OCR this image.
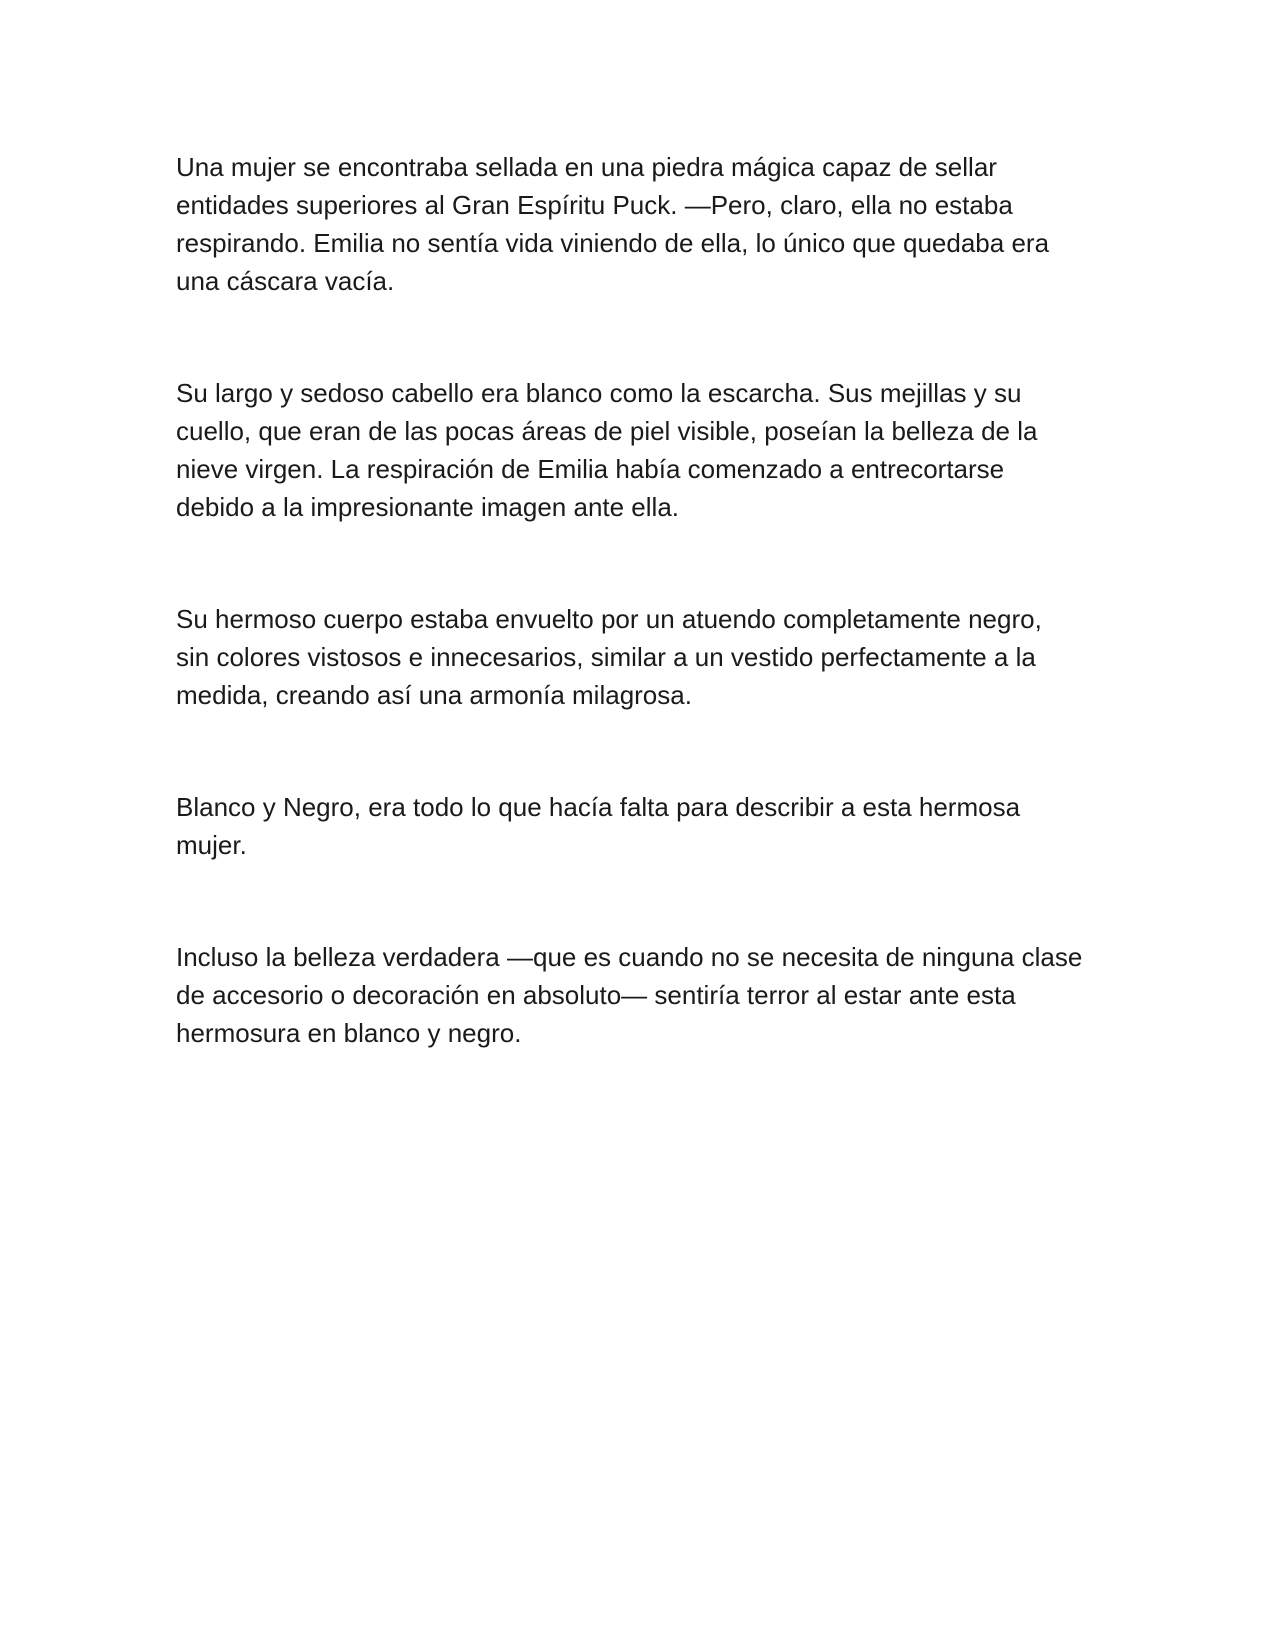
Una mujer se encontraba sellada en una piedra mágica capaz de sellar
entidades superiores al Gran Espíritu Puck. —Pero, claro, ella no estaba
respirando. Emilia no sentía vida viniendo de ella, lo único que quedaba era
una cáscara vacía.

Su largo y sedoso cabello era blanco como la escarcha. Sus mejillas y su
cuello, que eran de las pocas áreas de piel visible, poseían la belleza de la
nieve virgen. La respiración de Emilia había comenzado a entrecortarse
debido a la impresionante imagen ante ella.

Su hermoso cuerpo estaba envuelto por un atuendo completamente negro,
sin colores vistosos e innecesarios, similar a un vestido perfectamente a la
medida, creando así una armonía milagrosa.

Blanco y Negro, era todo lo que hacía falta para describir a esta hermosa
mujer.

Incluso la belleza verdadera —que es cuando no se necesita de ninguna clase
de accesorio o decoración en absoluto— sentiría terror al estar ante esta
hermosura en blanco y negro.
